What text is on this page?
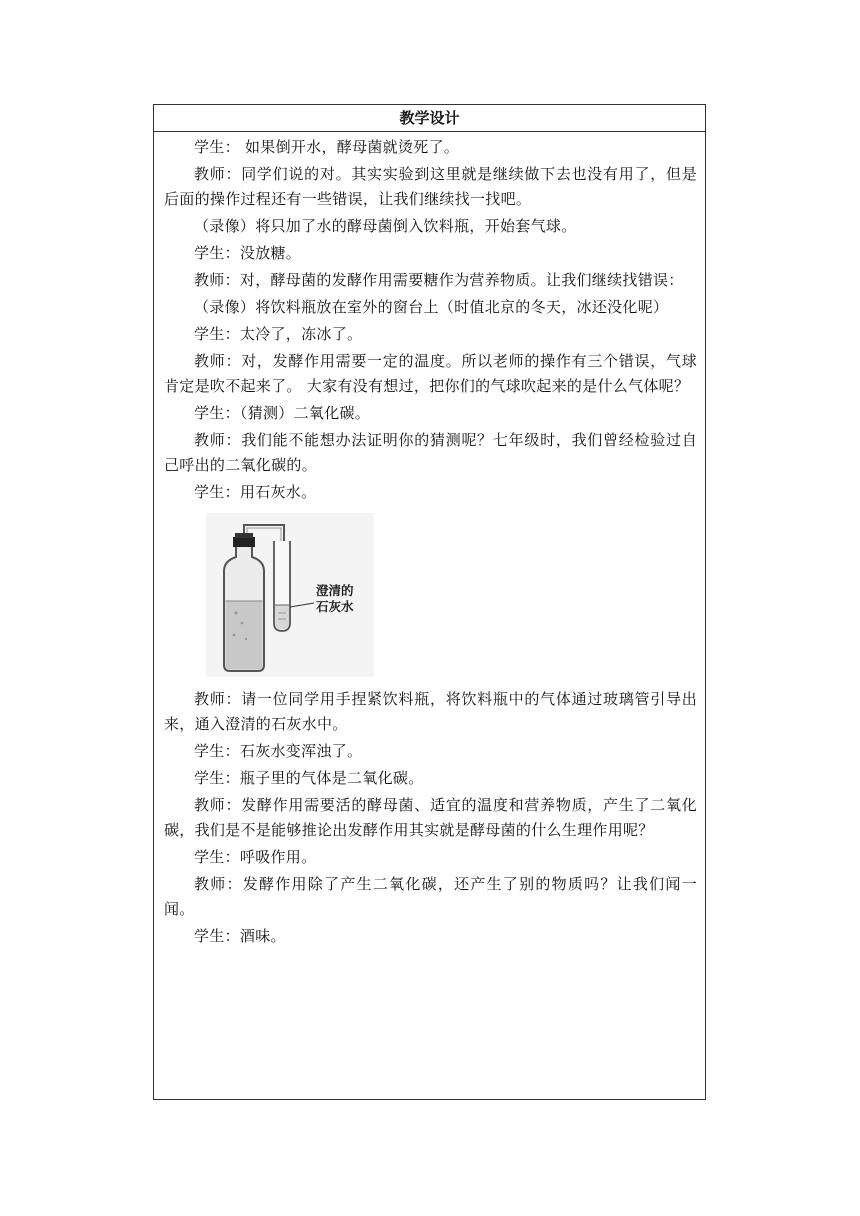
教学设计

学生： 如果倒开水，酵母菌就烫死了。

教师：同学们说的对。其实实验到这里就是继续做下去也没有用了，但是后面的操作过程还有一些错误，让我们继续找一找吧。

（录像）将只加了水的酵母菌倒入饮料瓶，开始套气球。

学生：没放糖。

教师：对，酵母菌的发酵作用需要糖作为营养物质。让我们继续找错误：

（录像）将饮料瓶放在室外的窗台上（时值北京的冬天，冰还没化呢）

学生：太冷了，冻冰了。

教师：对，发酵作用需要一定的温度。所以老师的操作有三个错误，气球肯定是吹不起来了。 大家有没有想过，把你们的气球吹起来的是什么气体呢？

学生：（猜测）二氧化碳。

教师：我们能不能想办法证明你的猜测呢？七年级时，我们曾经检验过自己呼出的二氧化碳的。

学生：用石灰水。

澄清的
石灰水

教师：请一位同学用手捏紧饮料瓶，将饮料瓶中的气体通过玻璃管引导出来，通入澄清的石灰水中。

学生：石灰水变浑浊了。

学生：瓶子里的气体是二氧化碳。

教师：发酵作用需要活的酵母菌、适宜的温度和营养物质，产生了二氧化碳，我们是不是能够推论出发酵作用其实就是酵母菌的什么生理作用呢？

学生：呼吸作用。

教师：发酵作用除了产生二氧化碳，还产生了别的物质吗？让我们闻一闻。

学生：酒味。
